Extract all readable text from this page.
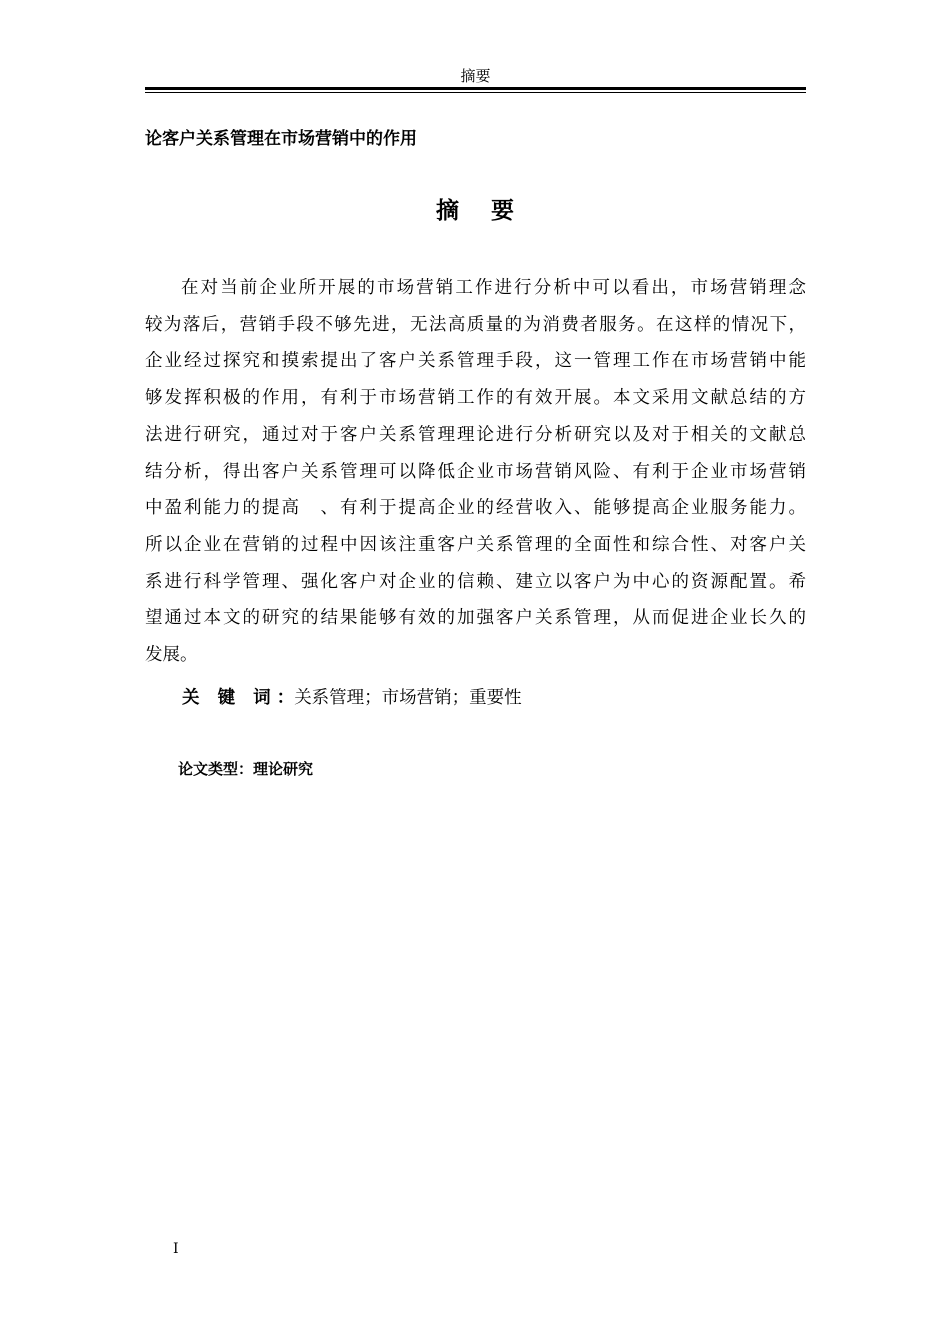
摘要
论客户关系管理在市场营销中的作用
摘 要
在对当前企业所开展的市场营销工作进行分析中可以看出，市场营销理念
较为落后，营销手段不够先进，无法高质量的为消费者服务。在这样的情况下，
企业经过探究和摸索提出了客户关系管理手段，这一管理工作在市场营销中能
够发挥积极的作用，有利于市场营销工作的有效开展。本文采用文献总结的方
法进行研究，通过对于客户关系管理理论进行分析研究以及对于相关的文献总
结分析，得出客户关系管理可以降低企业市场营销风险、有利于企业市场营销
中盈利能力的提高　、有利于提高企业的经营收入、能够提高企业服务能力。
所以企业在营销的过程中因该注重客户关系管理的全面性和综合性、对客户关
系进行科学管理、强化客户对企业的信赖、建立以客户为中心的资源配置。希
望通过本文的研究的结果能够有效的加强客户关系管理，从而促进企业长久的
发展。
关 键 词：关系管理；市场营销；重要性
论文类型：理论研究
I
